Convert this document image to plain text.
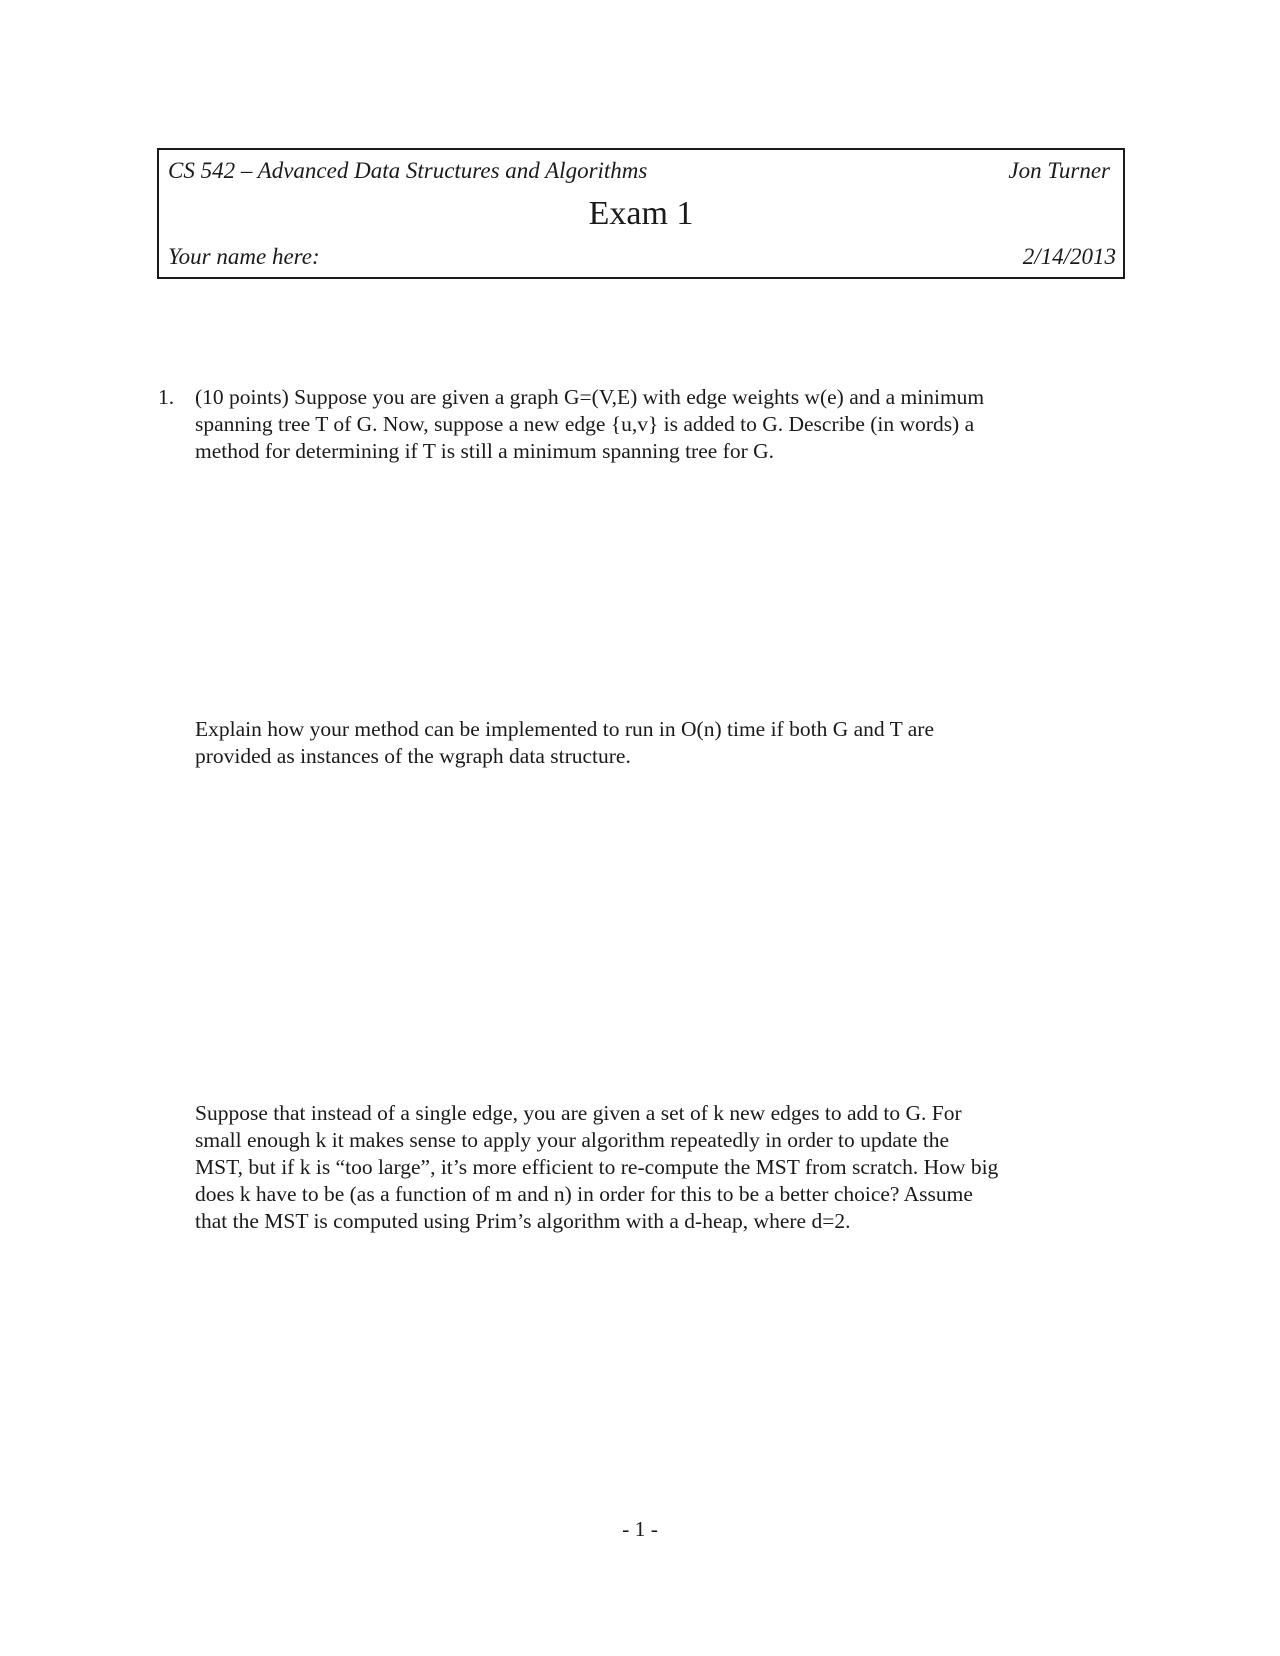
CS 542 – Advanced Data Structures and Algorithms	Jon Turner
Exam 1
Your name here:	2/14/2013
1. (10 points) Suppose you are given a graph G=(V,E) with edge weights w(e) and a minimum
spanning tree T of G. Now, suppose a new edge {u,v} is added to G. Describe (in words) a
method for determining if T is still a minimum spanning tree for G.
Explain how your method can be implemented to run in O(n) time if both G and T are
provided as instances of the wgraph data structure.
Suppose that instead of a single edge, you are given a set of k new edges to add to G. For
small enough k it makes sense to apply your algorithm repeatedly in order to update the
MST, but if k is “too large”, it’s more efficient to re-compute the MST from scratch. How big
does k have to be (as a function of m and n) in order for this to be a better choice? Assume
that the MST is computed using Prim’s algorithm with a d-heap, where d=2.
- 1 -
